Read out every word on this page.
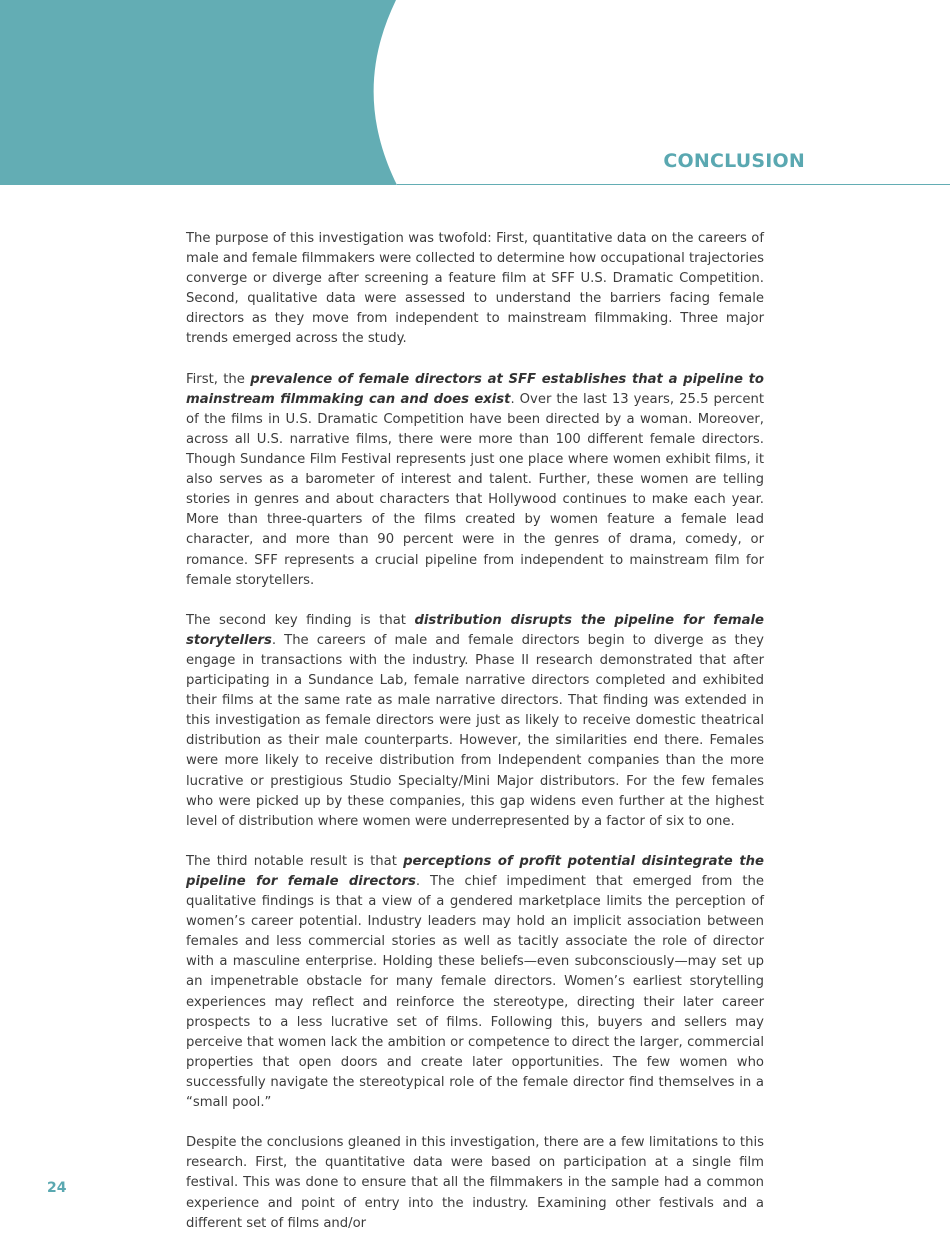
CONCLUSION

The purpose of this investigation was twofold: First, quantitative data on the careers of male and female filmmakers were collected to determine how occupational trajectories converge or diverge after screening a feature film at SFF U.S. Dramatic Competition. Second, qualitative data were assessed to understand the barriers facing female directors as they move from independent to mainstream filmmaking. Three major trends emerged across the study.

First, the prevalence of female directors at SFF establishes that a pipeline to mainstream filmmaking can and does exist. Over the last 13 years, 25.5 percent of the films in U.S. Dramatic Competition have been directed by a woman. Moreover, across all U.S. narrative films, there were more than 100 different female directors. Though Sundance Film Festival represents just one place where women exhibit films, it also serves as a barometer of interest and talent. Further, these women are telling stories in genres and about characters that Hollywood continues to make each year. More than three-quarters of the films created by women feature a female lead character, and more than 90 percent were in the genres of drama, comedy, or romance. SFF represents a crucial pipeline from independent to mainstream film for female storytellers.

The second key finding is that distribution disrupts the pipeline for female storytellers. The careers of male and female directors begin to diverge as they engage in transactions with the industry. Phase II research demonstrated that after participating in a Sundance Lab, female narrative directors completed and exhibited their films at the same rate as male narrative directors. That finding was extended in this investigation as female directors were just as likely to receive domestic theatrical distribution as their male counterparts. However, the similarities end there. Females were more likely to receive distribution from Independent companies than the more lucrative or prestigious Studio Specialty/Mini Major distributors. For the few females who were picked up by these companies, this gap widens even further at the highest level of distribution where women were underrepresented by a factor of six to one.

The third notable result is that perceptions of profit potential disintegrate the pipeline for female directors. The chief impediment that emerged from the qualitative findings is that a view of a gendered marketplace limits the perception of women’s career potential. Industry leaders may hold an implicit association between females and less commercial stories as well as tacitly associate the role of director with a masculine enterprise. Holding these beliefs—even subconsciously—may set up an impenetrable obstacle for many female directors. Women’s earliest storytelling experiences may reflect and reinforce the stereotype, directing their later career prospects to a less lucrative set of films. Following this, buyers and sellers may perceive that women lack the ambition or competence to direct the larger, commercial properties that open doors and create later opportunities. The few women who successfully navigate the stereotypical role of the female director find themselves in a “small pool.”

Despite the conclusions gleaned in this investigation, there are a few limitations to this research. First, the quantitative data were based on participation at a single film festival. This was done to ensure that all the filmmakers in the sample had a common experience and point of entry into the industry. Examining other festivals and a different set of films and/or

24
